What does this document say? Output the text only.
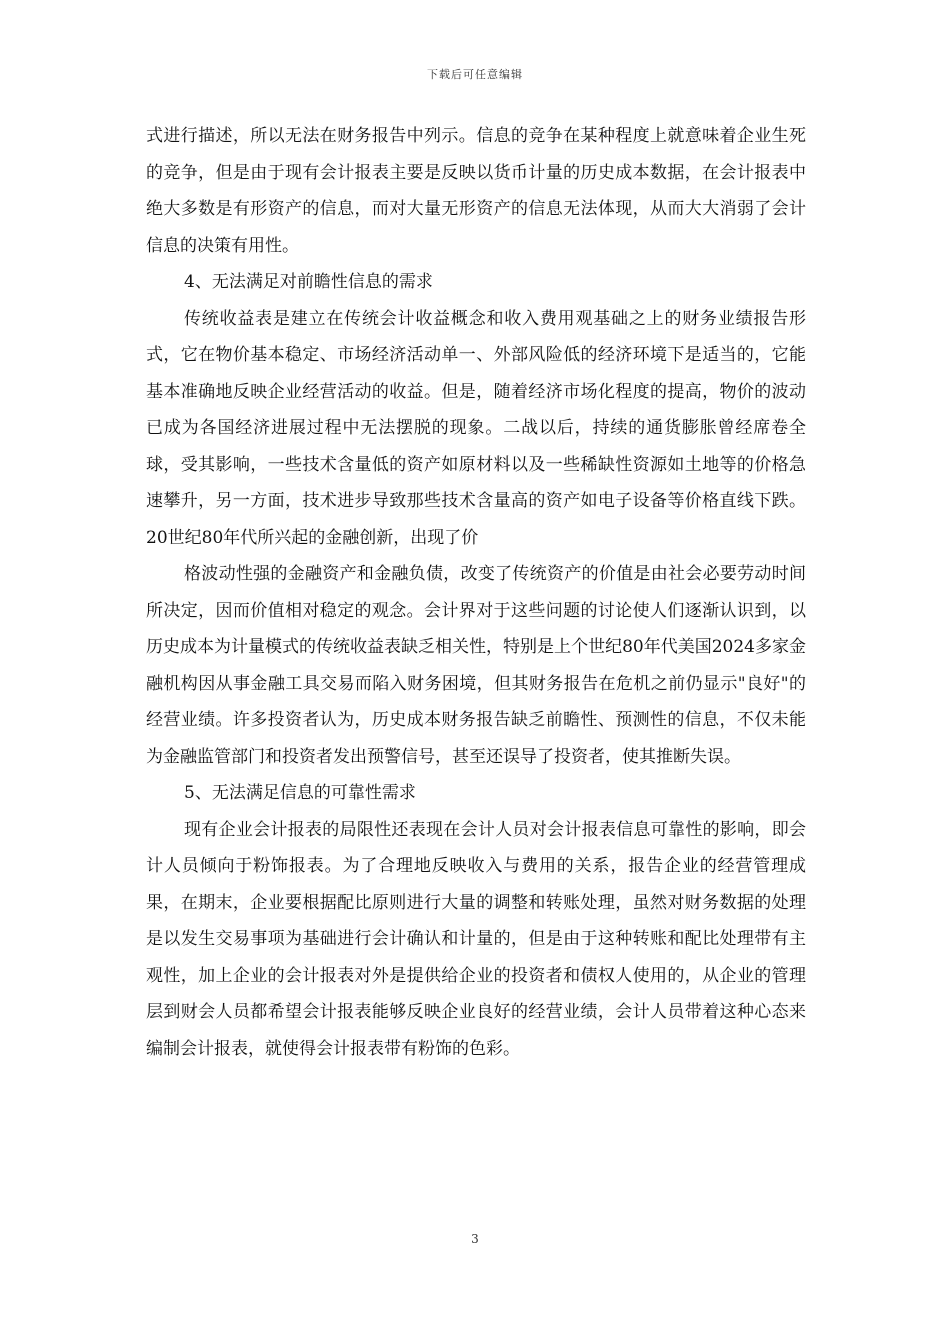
下载后可任意编辑

式进行描述，所以无法在财务报告中列示。信息的竞争在某种程度上就意味着企业生死的竞争，但是由于现有会计报表主要是反映以货币计量的历史成本数据，在会计报表中绝大多数是有形资产的信息，而对大量无形资产的信息无法体现，从而大大消弱了会计信息的决策有用性。

4、无法满足对前瞻性信息的需求

传统收益表是建立在传统会计收益概念和收入费用观基础之上的财务业绩报告形式，它在物价基本稳定、市场经济活动单一、外部风险低的经济环境下是适当的，它能基本准确地反映企业经营活动的收益。但是，随着经济市场化程度的提高，物价的波动已成为各国经济进展过程中无法摆脱的现象。二战以后，持续的通货膨胀曾经席卷全球，受其影响，一些技术含量低的资产如原材料以及一些稀缺性资源如土地等的价格急速攀升，另一方面，技术进步导致那些技术含量高的资产如电子设备等价格直线下跌。20世纪80年代所兴起的金融创新，出现了价

格波动性强的金融资产和金融负债，改变了传统资产的价值是由社会必要劳动时间所决定，因而价值相对稳定的观念。会计界对于这些问题的讨论使人们逐渐认识到，以历史成本为计量模式的传统收益表缺乏相关性，特别是上个世纪80年代美国2024多家金融机构因从事金融工具交易而陷入财务困境，但其财务报告在危机之前仍显示"良好"的经营业绩。许多投资者认为，历史成本财务报告缺乏前瞻性、预测性的信息，不仅未能为金融监管部门和投资者发出预警信号，甚至还误导了投资者，使其推断失误。

5、无法满足信息的可靠性需求

现有企业会计报表的局限性还表现在会计人员对会计报表信息可靠性的影响，即会计人员倾向于粉饰报表。为了合理地反映收入与费用的关系，报告企业的经营管理成果，在期末，企业要根据配比原则进行大量的调整和转账处理，虽然对财务数据的处理是以发生交易事项为基础进行会计确认和计量的，但是由于这种转账和配比处理带有主观性，加上企业的会计报表对外是提供给企业的投资者和债权人使用的，从企业的管理层到财会人员都希望会计报表能够反映企业良好的经营业绩，会计人员带着这种心态来编制会计报表，就使得会计报表带有粉饰的色彩。

3
